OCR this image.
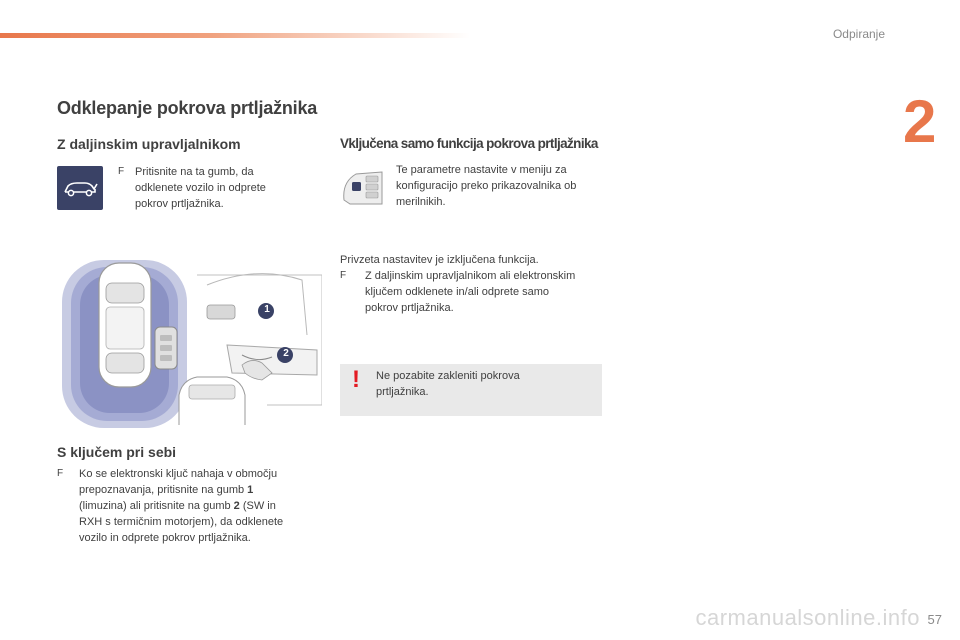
Odpiranje
2
Odklepanje pokrova prtljažnika
Z daljinskim upravljalnikom
F Pritisnite na ta gumb, da
odklenete vozilo in odprete
pokrov prtljažnika.
1
2
S ključem pri sebi
F Ko se elektronski ključ nahaja v območju
prepoznavanja, pritisnite na gumb 1
(limuzina) ali pritisnite na gumb 2 (SW in
RXH s termičnim motorjem), da odklenete
vozilo in odprete pokrov prtljažnika.
Vključena samo funkcija pokrova prtljažnika
Te parametre nastavite v meniju za
konfiguracijo preko prikazovalnika ob
merilnikih.
Privzeta nastavitev je izključena funkcija.
F Z daljinskim upravljalnikom ali elektronskim
ključem odklenete in/ali odprete samo
pokrov prtljažnika.
! Ne pozabite zakleniti pokrova
prtljažnika.
carmanualsonline.info 57
